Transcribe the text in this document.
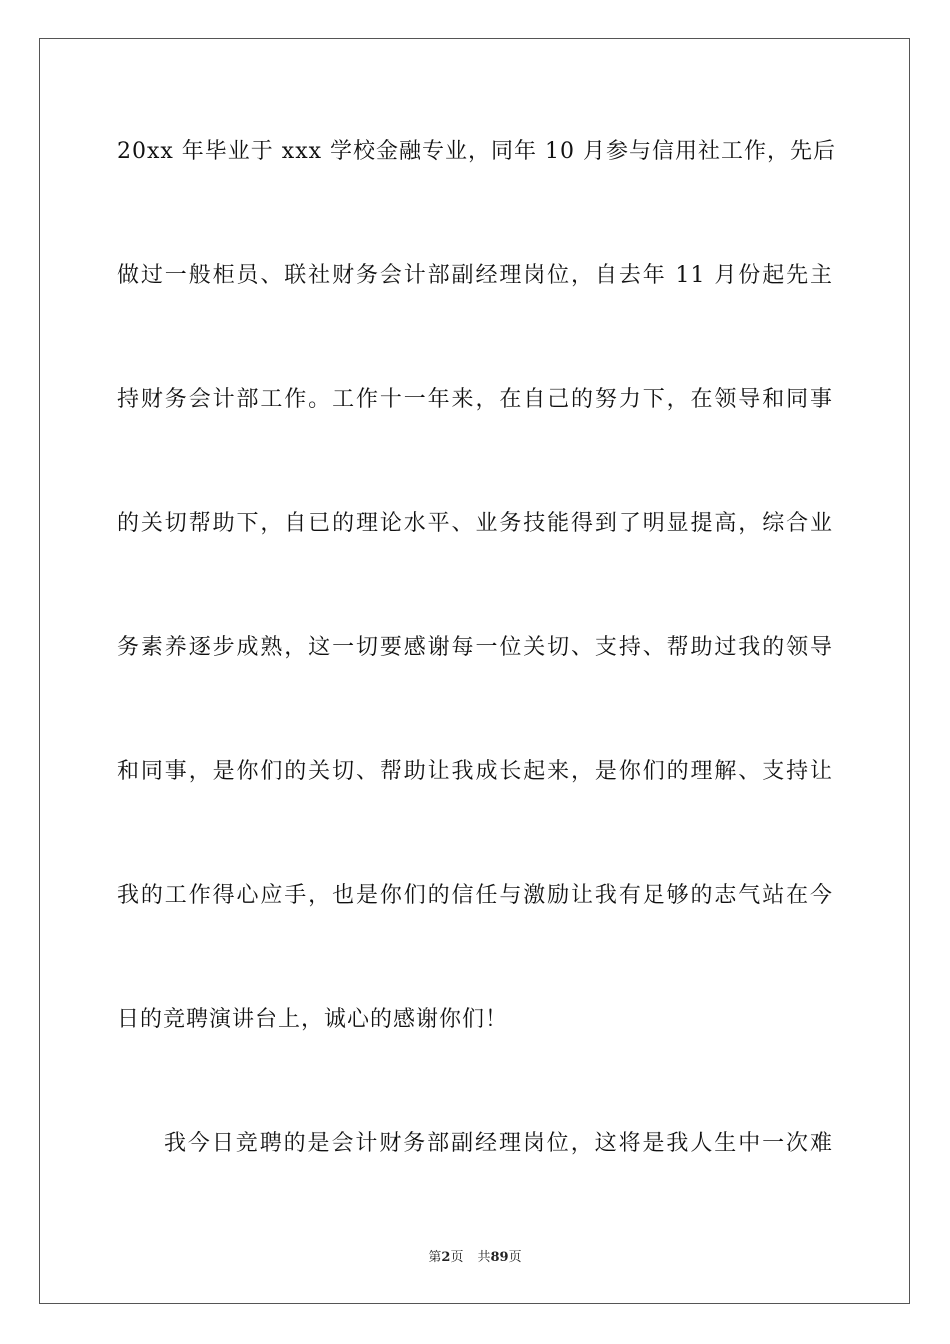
20xx 年毕业于 xxx 学校金融专业，同年 10 月参与信用社工作，先后
做过一般柜员、联社财务会计部副经理岗位，自去年 11 月份起先主
持财务会计部工作。工作十一年来，在自己的努力下，在领导和同事
的关切帮助下，自已的理论水平、业务技能得到了明显提高，综合业
务素养逐步成熟，这一切要感谢每一位关切、支持、帮助过我的领导
和同事，是你们的关切、帮助让我成长起来，是你们的理解、支持让
我的工作得心应手，也是你们的信任与激励让我有足够的志气站在今
日的竞聘演讲台上，诚心的感谢你们！
我今日竞聘的是会计财务部副经理岗位，这将是我人生中一次难
第2页 共89页
